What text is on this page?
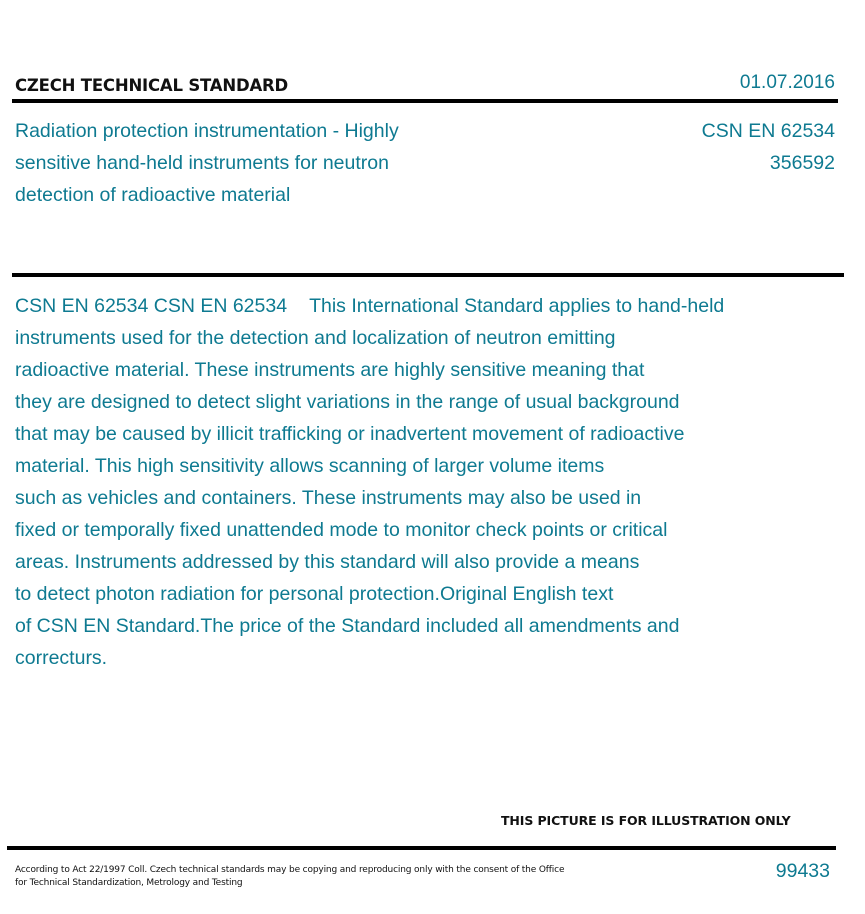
CZECH TECHNICAL STANDARD	01.07.2016
Radiation protection instrumentation - Highly
sensitive hand-held instruments for neutron
detection of radioactive material
CSN EN 62534
356592
CSN EN 62534 CSN EN 62534 This International Standard applies to hand-held
instruments used for the detection and localization of neutron emitting
radioactive material. These instruments are highly sensitive meaning that
they are designed to detect slight variations in the range of usual background
that may be caused by illicit trafficking or inadvertent movement of radioactive
material. This high sensitivity allows scanning of larger volume items
such as vehicles and containers. These instruments may also be used in
fixed or temporally fixed unattended mode to monitor check points or critical
areas. Instruments addressed by this standard will also provide a means
to detect photon radiation for personal protection.Original English text
of CSN EN Standard.The price of the Standard included all amendments and
correcturs.
THIS PICTURE IS FOR ILLUSTRATION ONLY
According to Act 22/1997 Coll. Czech technical standards may be copying and reproducing only with the consent of the Office
for Technical Standardization, Metrology and Testing
99433
